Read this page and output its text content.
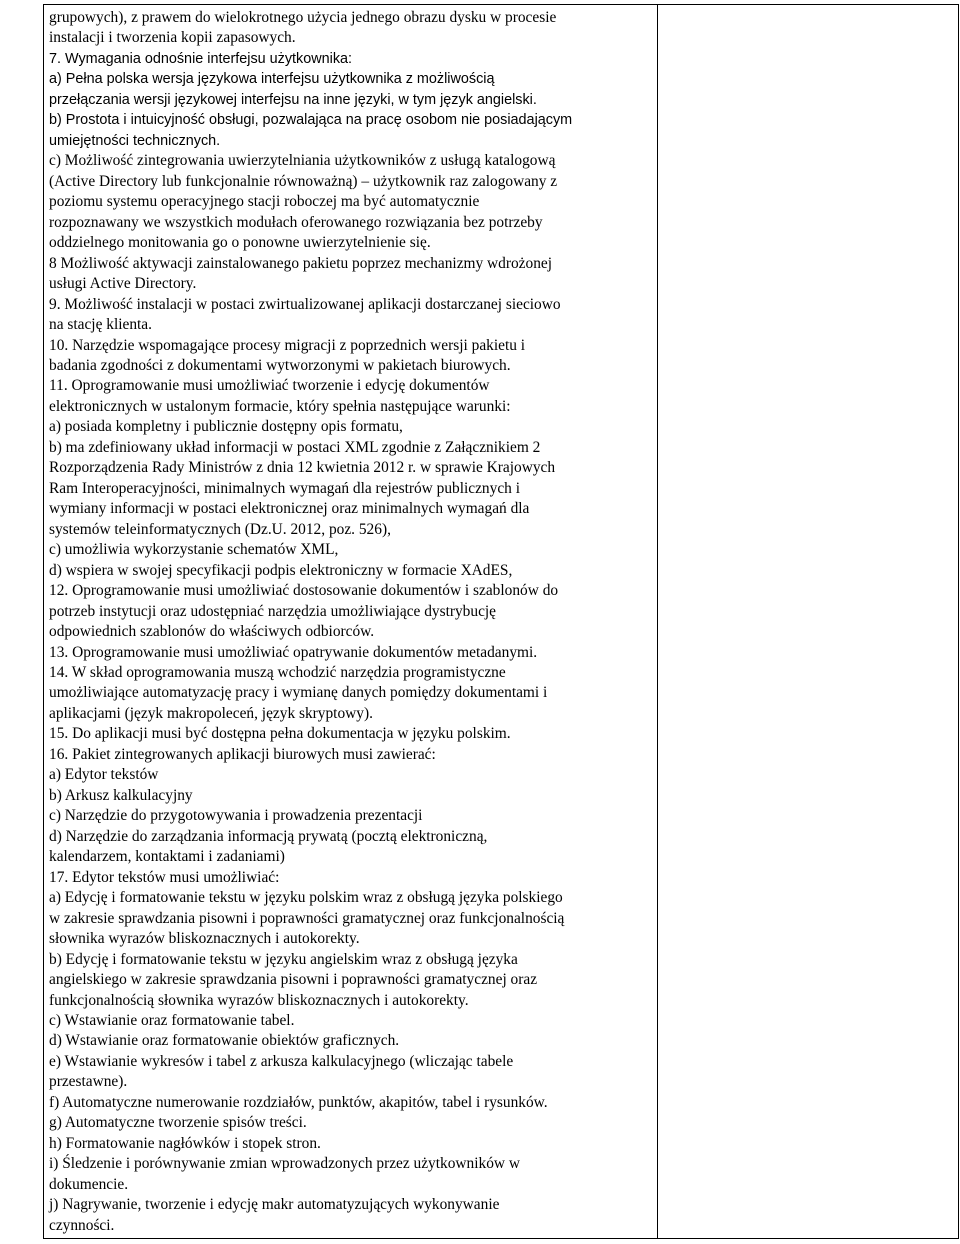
grupowych), z prawem do wielokrotnego użycia jednego obrazu dysku w procesie
instalacji i tworzenia kopii zapasowych.
7. Wymagania odnośnie interfejsu użytkownika:
a) Pełna polska wersja językowa interfejsu użytkownika z możliwością
przełączania wersji językowej interfejsu na inne języki, w tym język angielski.
b) Prostota i intuicyjność obsługi, pozwalająca na pracę osobom nie posiadającym
umiejętności technicznych.
c) Możliwość zintegrowania uwierzytelniania użytkowników z usługą katalogową
(Active Directory lub funkcjonalnie równoważną) – użytkownik raz zalogowany z
poziomu systemu operacyjnego stacji roboczej ma być automatycznie
rozpoznawany we wszystkich modułach oferowanego rozwiązania bez potrzeby
oddzielnego monitowania go o ponowne uwierzytelnienie się.
8 Możliwość aktywacji zainstalowanego pakietu poprzez mechanizmy wdrożonej
usługi Active Directory.
9. Możliwość instalacji w postaci zwirtualizowanej aplikacji dostarczanej sieciowo
na stację klienta.
10. Narzędzie wspomagające procesy migracji z poprzednich wersji pakietu i
badania zgodności z dokumentami wytworzonymi w pakietach biurowych.
11. Oprogramowanie musi umożliwiać tworzenie i edycję dokumentów
elektronicznych w ustalonym formacie, który spełnia następujące warunki:
a) posiada kompletny i publicznie dostępny opis formatu,
b) ma zdefiniowany układ informacji w postaci XML zgodnie z Załącznikiem 2
Rozporządzenia Rady Ministrów z dnia 12 kwietnia 2012 r. w sprawie Krajowych
Ram Interoperacyjności, minimalnych wymagań dla rejestrów publicznych i
wymiany informacji w postaci elektronicznej oraz minimalnych wymagań dla
systemów teleinformatycznych (Dz.U. 2012, poz. 526),
c) umożliwia wykorzystanie schematów XML,
d) wspiera w swojej specyfikacji podpis elektroniczny w formacie XAdES,
12. Oprogramowanie musi umożliwiać dostosowanie dokumentów i szablonów do
potrzeb instytucji oraz udostępniać narzędzia umożliwiające dystrybucję
odpowiednich szablonów do właściwych odbiorców.
13. Oprogramowanie musi umożliwiać opatrywanie dokumentów metadanymi.
14. W skład oprogramowania muszą wchodzić narzędzia programistyczne
umożliwiające automatyzację pracy i wymianę danych pomiędzy dokumentami i
aplikacjami (język makropoleceń, język skryptowy).
15. Do aplikacji musi być dostępna pełna dokumentacja w języku polskim.
16. Pakiet zintegrowanych aplikacji biurowych musi zawierać:
a) Edytor tekstów
b) Arkusz kalkulacyjny
c) Narzędzie do przygotowywania i prowadzenia prezentacji
d) Narzędzie do zarządzania informacją prywatą (pocztą elektroniczną,
kalendarzem, kontaktami i zadaniami)
17. Edytor tekstów musi umożliwiać:
a) Edycję i formatowanie tekstu w języku polskim wraz z obsługą języka polskiego
w zakresie sprawdzania pisowni i poprawności gramatycznej oraz funkcjonalnością
słownika wyrazów bliskoznacznych i autokorekty.
b) Edycję i formatowanie tekstu w języku angielskim wraz z obsługą języka
angielskiego w zakresie sprawdzania pisowni i poprawności gramatycznej oraz
funkcjonalnością słownika wyrazów bliskoznacznych i autokorekty.
c) Wstawianie oraz formatowanie tabel.
d) Wstawianie oraz formatowanie obiektów graficznych.
e) Wstawianie wykresów i tabel z arkusza kalkulacyjnego (wliczając tabele
przestawne).
f) Automatyczne numerowanie rozdziałów, punktów, akapitów, tabel i rysunków.
g) Automatyczne tworzenie spisów treści.
h) Formatowanie nagłówków i stopek stron.
i) Śledzenie i porównywanie zmian wprowadzonych przez użytkowników w
dokumencie.
j) Nagrywanie, tworzenie i edycję makr automatyzujących wykonywanie
czynności.
